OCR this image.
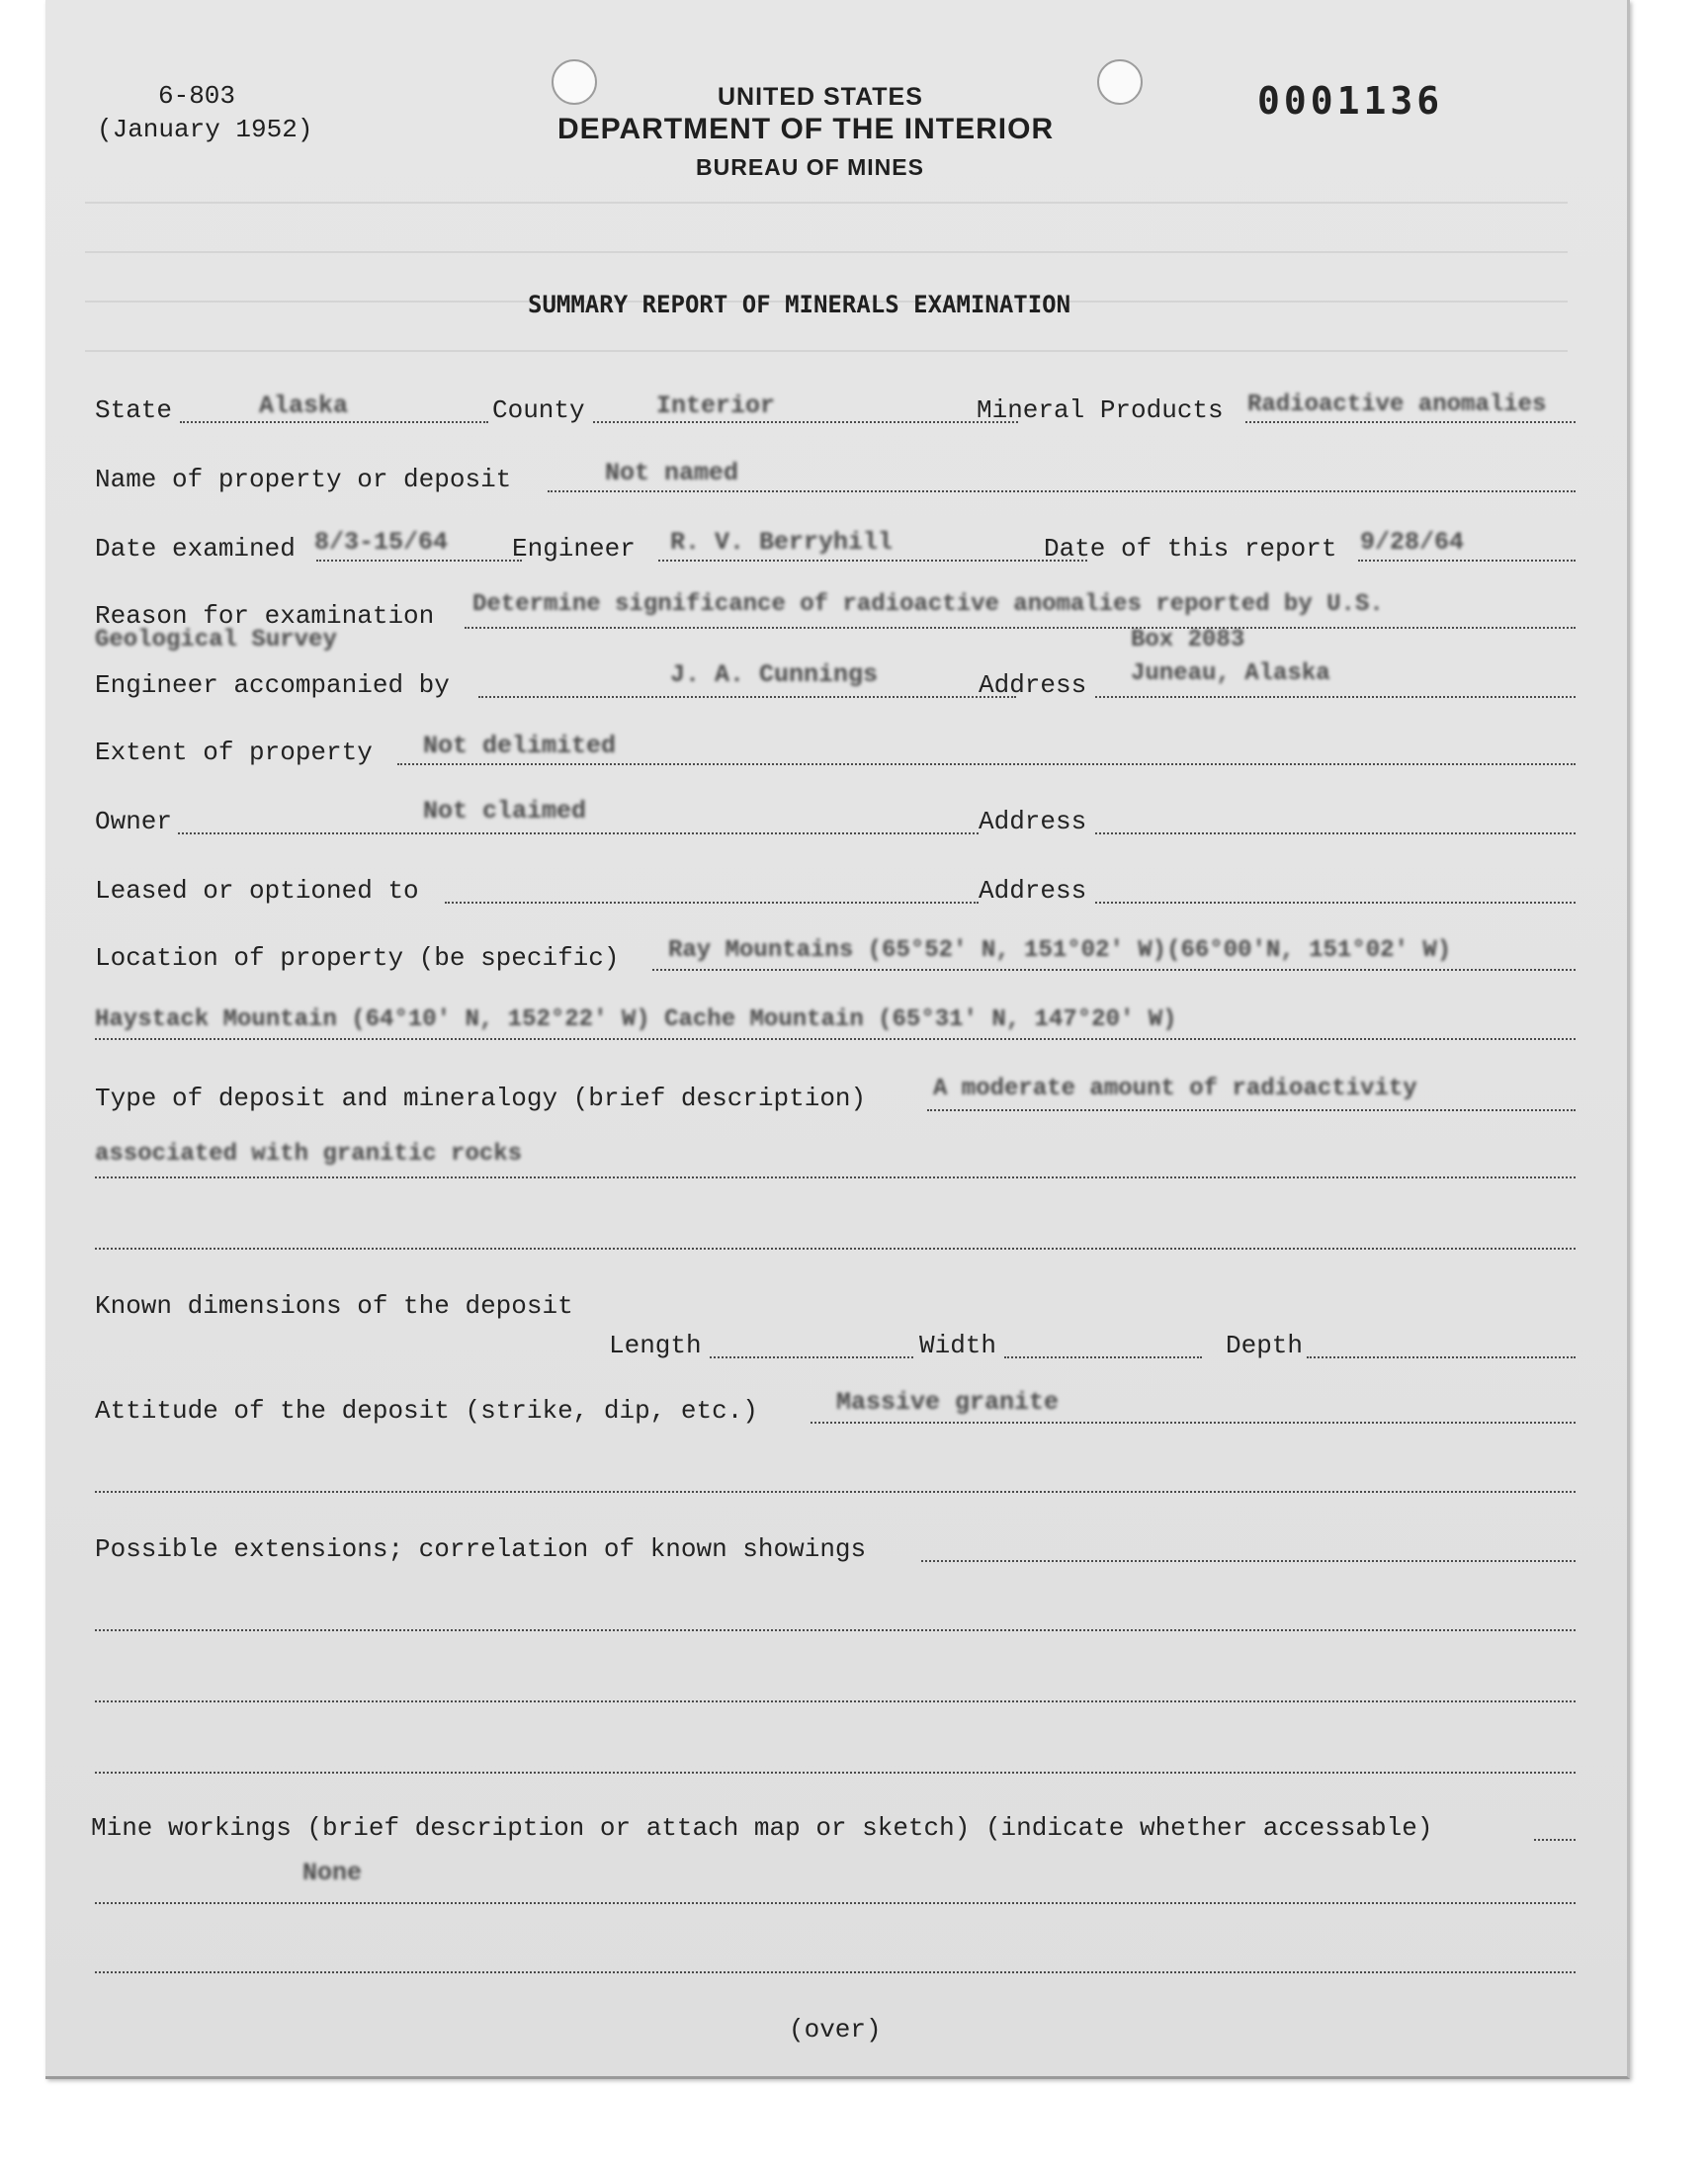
6-803
(January 1952)
UNITED STATES
DEPARTMENT OF THE INTERIOR
BUREAU OF MINES
0001136
SUMMARY REPORT OF MINERALS EXAMINATION
State	Alaska	County	Interior	Mineral Products Radioactive anomalies
Name of property or deposit	Not named
Date examined 8/3-15/64 Engineer R. V. Berryhill	Date of this report 9/28/64
Reason for examination Determine significance of radioactive anomalies reported by U.S.
Geological Survey	Box 2083
Engineer accompanied by	J. A. Cunnings	Address Juneau, Alaska
Extent of property Not delimited
Owner	Not claimed	Address
Leased or optioned to	Address
Location of property (be specific) Ray Mountains (65°52' N, 151°02' W)(66°00'N, 151°02' W)
Haystack Mountain (64°10' N, 152°22' W) Cache Mountain (65°31' N, 147°20' W)
Type of deposit and mineralogy (brief description)	A moderate amount of radioactivity
associated with granitic rocks
Known dimensions of the deposit
Length	Width	Depth
Attitude of the deposit (strike, dip, etc.)	Massive granite
Possible extensions; correlation of known showings
Mine workings (brief description or attach map or sketch) (indicate whether accessable)
None
(over)
